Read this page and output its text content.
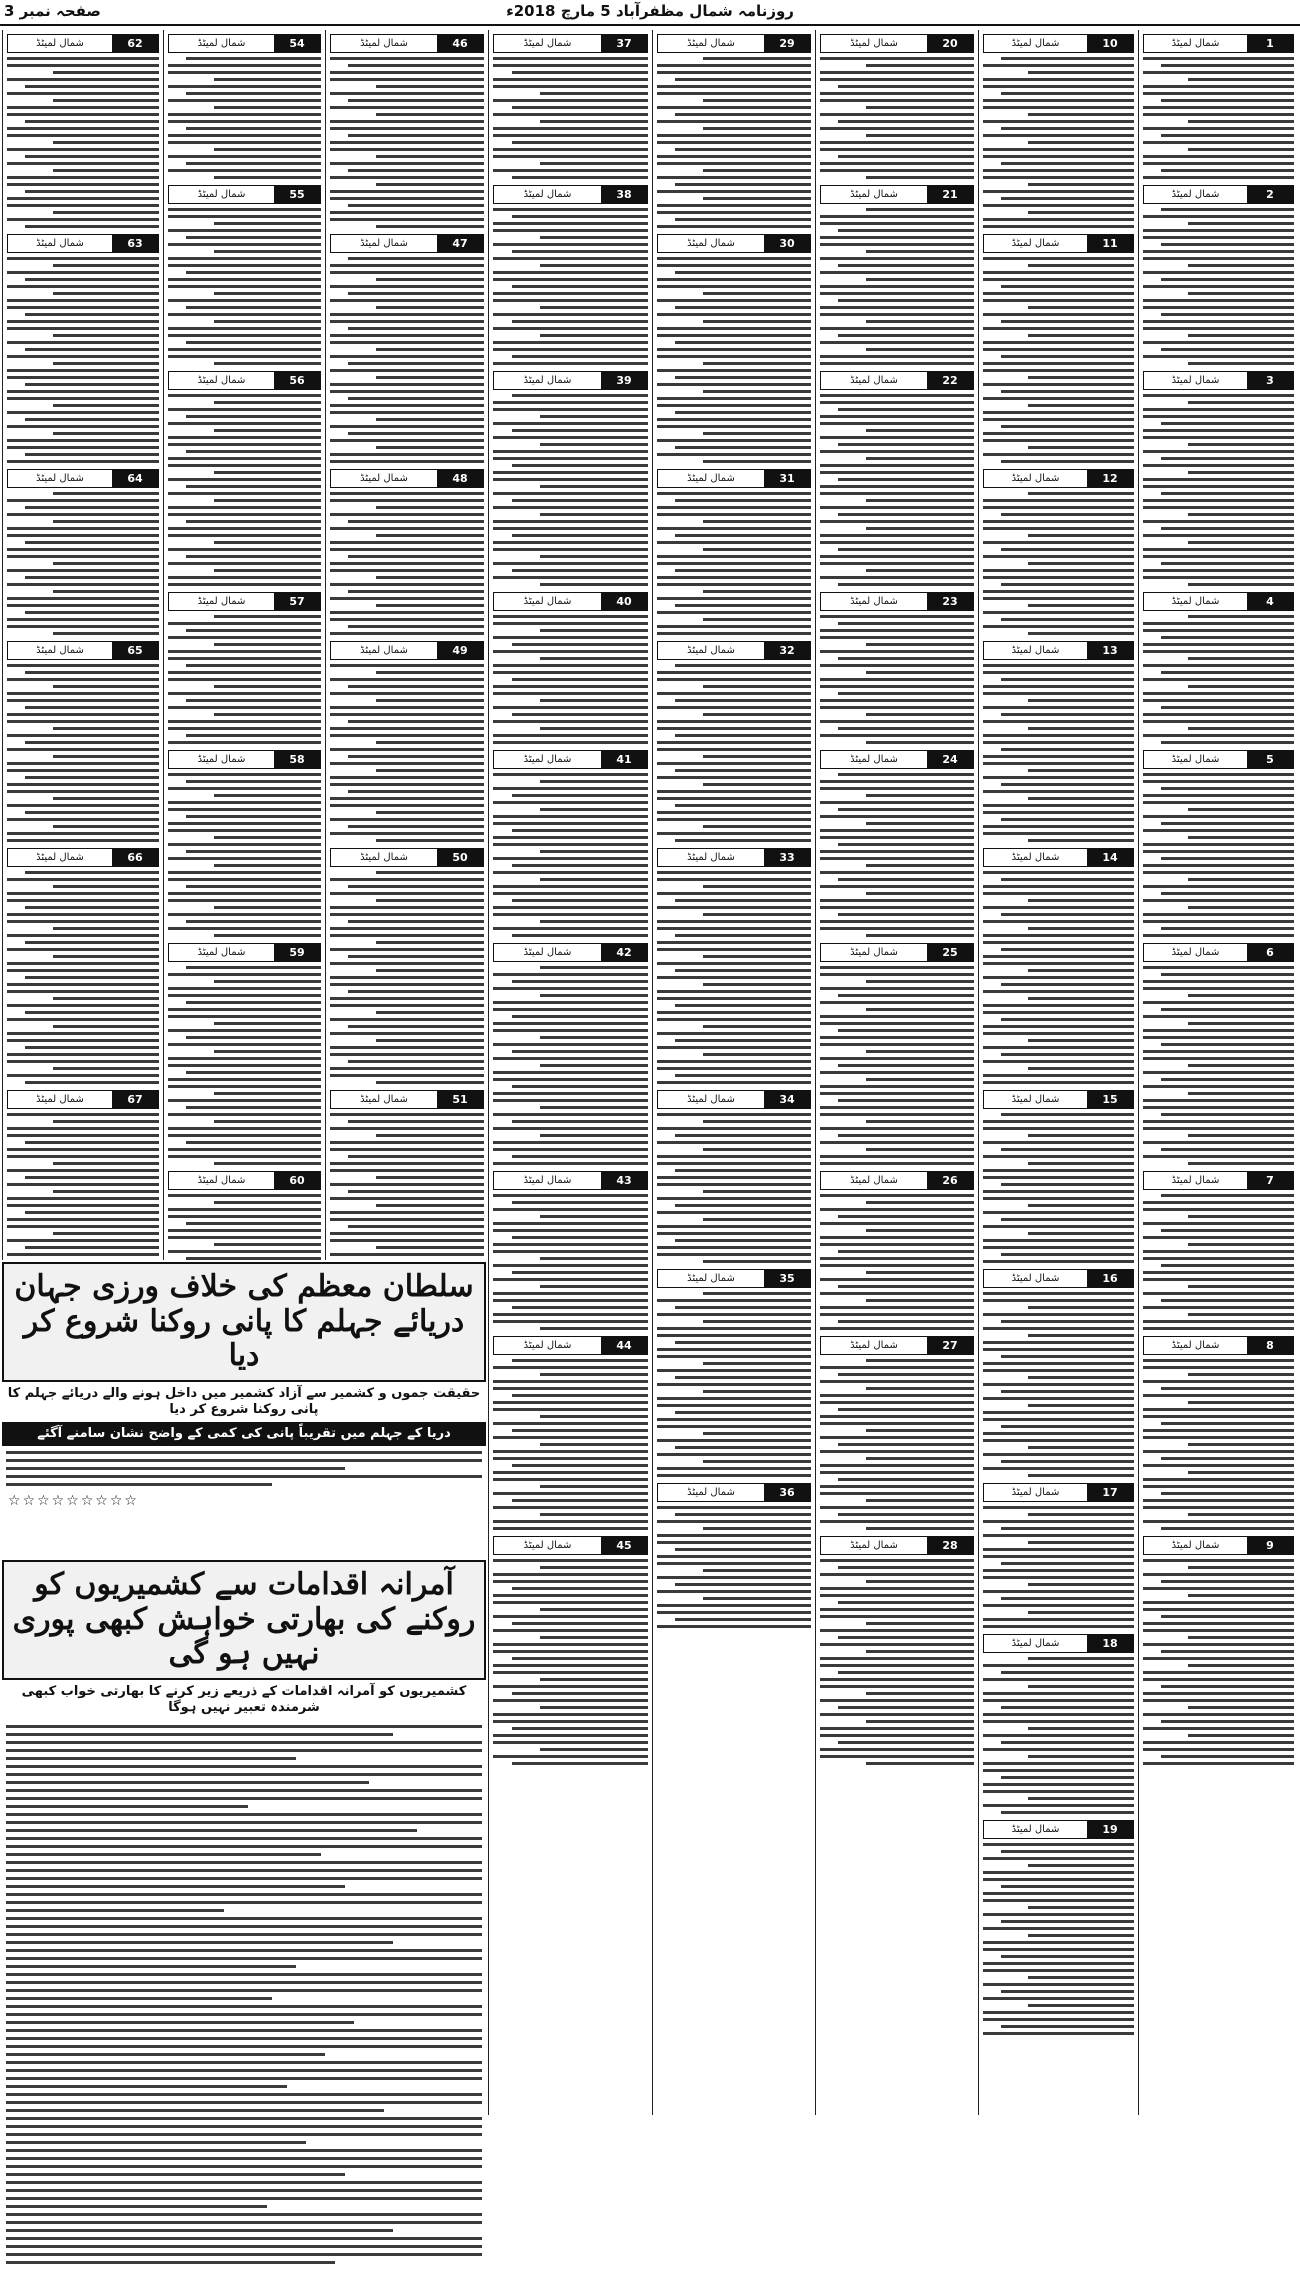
صفحہ نمبر 3	روزنامہ شمال مظفرآباد 5 مارچ 2018ء
1
شمال لمیٹڈ
2
شمال لمیٹڈ
3
شمال لمیٹڈ
4
شمال لمیٹڈ
5
شمال لمیٹڈ
6
شمال لمیٹڈ
7
شمال لمیٹڈ
8
شمال لمیٹڈ
9
شمال لمیٹڈ
10
شمال لمیٹڈ
11
شمال لمیٹڈ
12
شمال لمیٹڈ
13
شمال لمیٹڈ
14
شمال لمیٹڈ
15
شمال لمیٹڈ
16
شمال لمیٹڈ
17
شمال لمیٹڈ
18
شمال لمیٹڈ
19
شمال لمیٹڈ
20
شمال لمیٹڈ
21
شمال لمیٹڈ
22
شمال لمیٹڈ
23
شمال لمیٹڈ
24
شمال لمیٹڈ
25
شمال لمیٹڈ
26
شمال لمیٹڈ
27
شمال لمیٹڈ
28
شمال لمیٹڈ
29
شمال لمیٹڈ
30
شمال لمیٹڈ
31
شمال لمیٹڈ
32
شمال لمیٹڈ
33
شمال لمیٹڈ
34
شمال لمیٹڈ
35
شمال لمیٹڈ
36
شمال لمیٹڈ
37
شمال لمیٹڈ
38
شمال لمیٹڈ
39
شمال لمیٹڈ
40
شمال لمیٹڈ
41
شمال لمیٹڈ
42
شمال لمیٹڈ
43
شمال لمیٹڈ
44
شمال لمیٹڈ
45
شمال لمیٹڈ
46
شمال لمیٹڈ
47
شمال لمیٹڈ
48
شمال لمیٹڈ
49
شمال لمیٹڈ
50
شمال لمیٹڈ
51
شمال لمیٹڈ
54
شمال لمیٹڈ
55
شمال لمیٹڈ
56
شمال لمیٹڈ
57
شمال لمیٹڈ
58
شمال لمیٹڈ
59
شمال لمیٹڈ
60
شمال لمیٹڈ
62
شمال لمیٹڈ
63
شمال لمیٹڈ
64
شمال لمیٹڈ
65
شمال لمیٹڈ
66
شمال لمیٹڈ
67
شمال لمیٹڈ
سلطان معظم کی خلاف ورزی جہان دریائے جہلم کا پانی روکنا شروع کر دیا
حقیقت جموں و کشمیر سے آزاد کشمیر میں داخل ہونے والے دریائے جہلم کا پانی روکنا شروع کر دیا
دریا کے جہلم میں تقریباً پانی کی کمی کے واضح نشان سامنے آگئے
☆☆☆☆☆☆☆☆☆
آمرانہ اقدامات سے کشمیریوں کو روکنے کی بھارتی خواہش کبھی پوری نہیں ہو گی
کشمیریوں کو آمرانہ اقدامات کے ذریعے زیر کرنے کا بھارتی خواب کبھی شرمندہ تعبیر نہیں ہوگا
